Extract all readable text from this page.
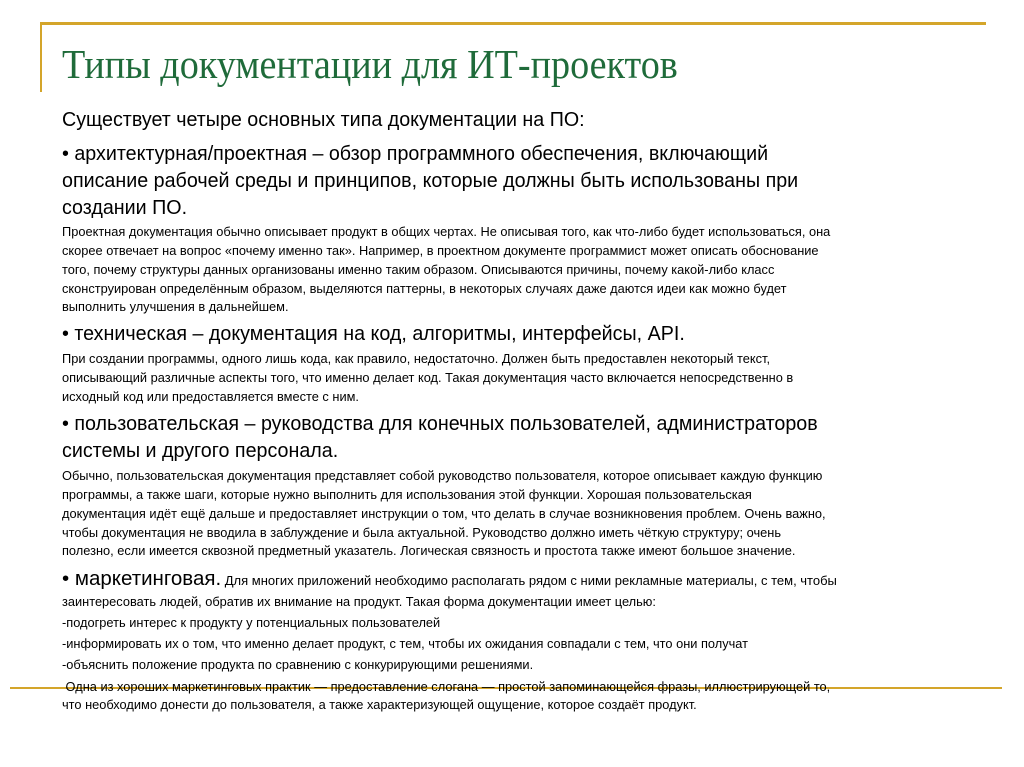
Типы документации для ИТ-проектов
Существует четыре основных типа документации на ПО:
• архитектурная/проектная – обзор программного обеспечения, включающий
описание рабочей среды и принципов, которые должны быть использованы при
создании ПО.
Проектная документация обычно описывает продукт в общих чертах. Не описывая того, как что-либо будет использоваться, она
скорее отвечает на вопрос «почему именно так». Например, в проектном документе программист может описать обоснование
того, почему структуры данных организованы именно таким образом. Описываются причины, почему какой-либо класс
сконструирован определённым образом, выделяются паттерны, в некоторых случаях даже даются идеи как можно будет
выполнить улучшения в дальнейшем.
• техническая – документация на код, алгоритмы, интерфейсы, API.
При создании программы, одного лишь кода, как правило, недостаточно. Должен быть предоставлен некоторый текст,
описывающий различные аспекты того, что именно делает код. Такая документация часто включается непосредственно в
исходный код или предоставляется вместе с ним.
• пользовательская – руководства для конечных пользователей, администраторов
системы и другого персонала.
Обычно, пользовательская документация представляет собой руководство пользователя, которое описывает каждую функцию
программы, а также шаги, которые нужно выполнить для использования этой функции. Хорошая пользовательская
документация идёт ещё дальше и предоставляет инструкции о том, что делать в случае возникновения проблем. Очень важно,
чтобы документация не вводила в заблуждение и была актуальной. Руководство должно иметь чёткую структуру; очень
полезно, если имеется сквозной предметный указатель. Логическая связность и простота также имеют большое значение.
• маркетинговая. Для многих приложений необходимо располагать рядом с ними рекламные материалы, с тем, чтобы
заинтересовать людей, обратив их внимание на продукт. Такая форма документации имеет целью:
-подогреть интерес к продукту у потенциальных пользователей
-информировать их о том, что именно делает продукт, с тем, чтобы их ожидания совпадали с тем, что они получат
-объяснить положение продукта по сравнению с конкурирующими решениями.
Одна из хороших маркетинговых практик — предоставление слогана — простой запоминающейся фразы, иллюстрирующей то,
что необходимо донести до пользователя, а также характеризующей ощущение, которое создаёт продукт.
